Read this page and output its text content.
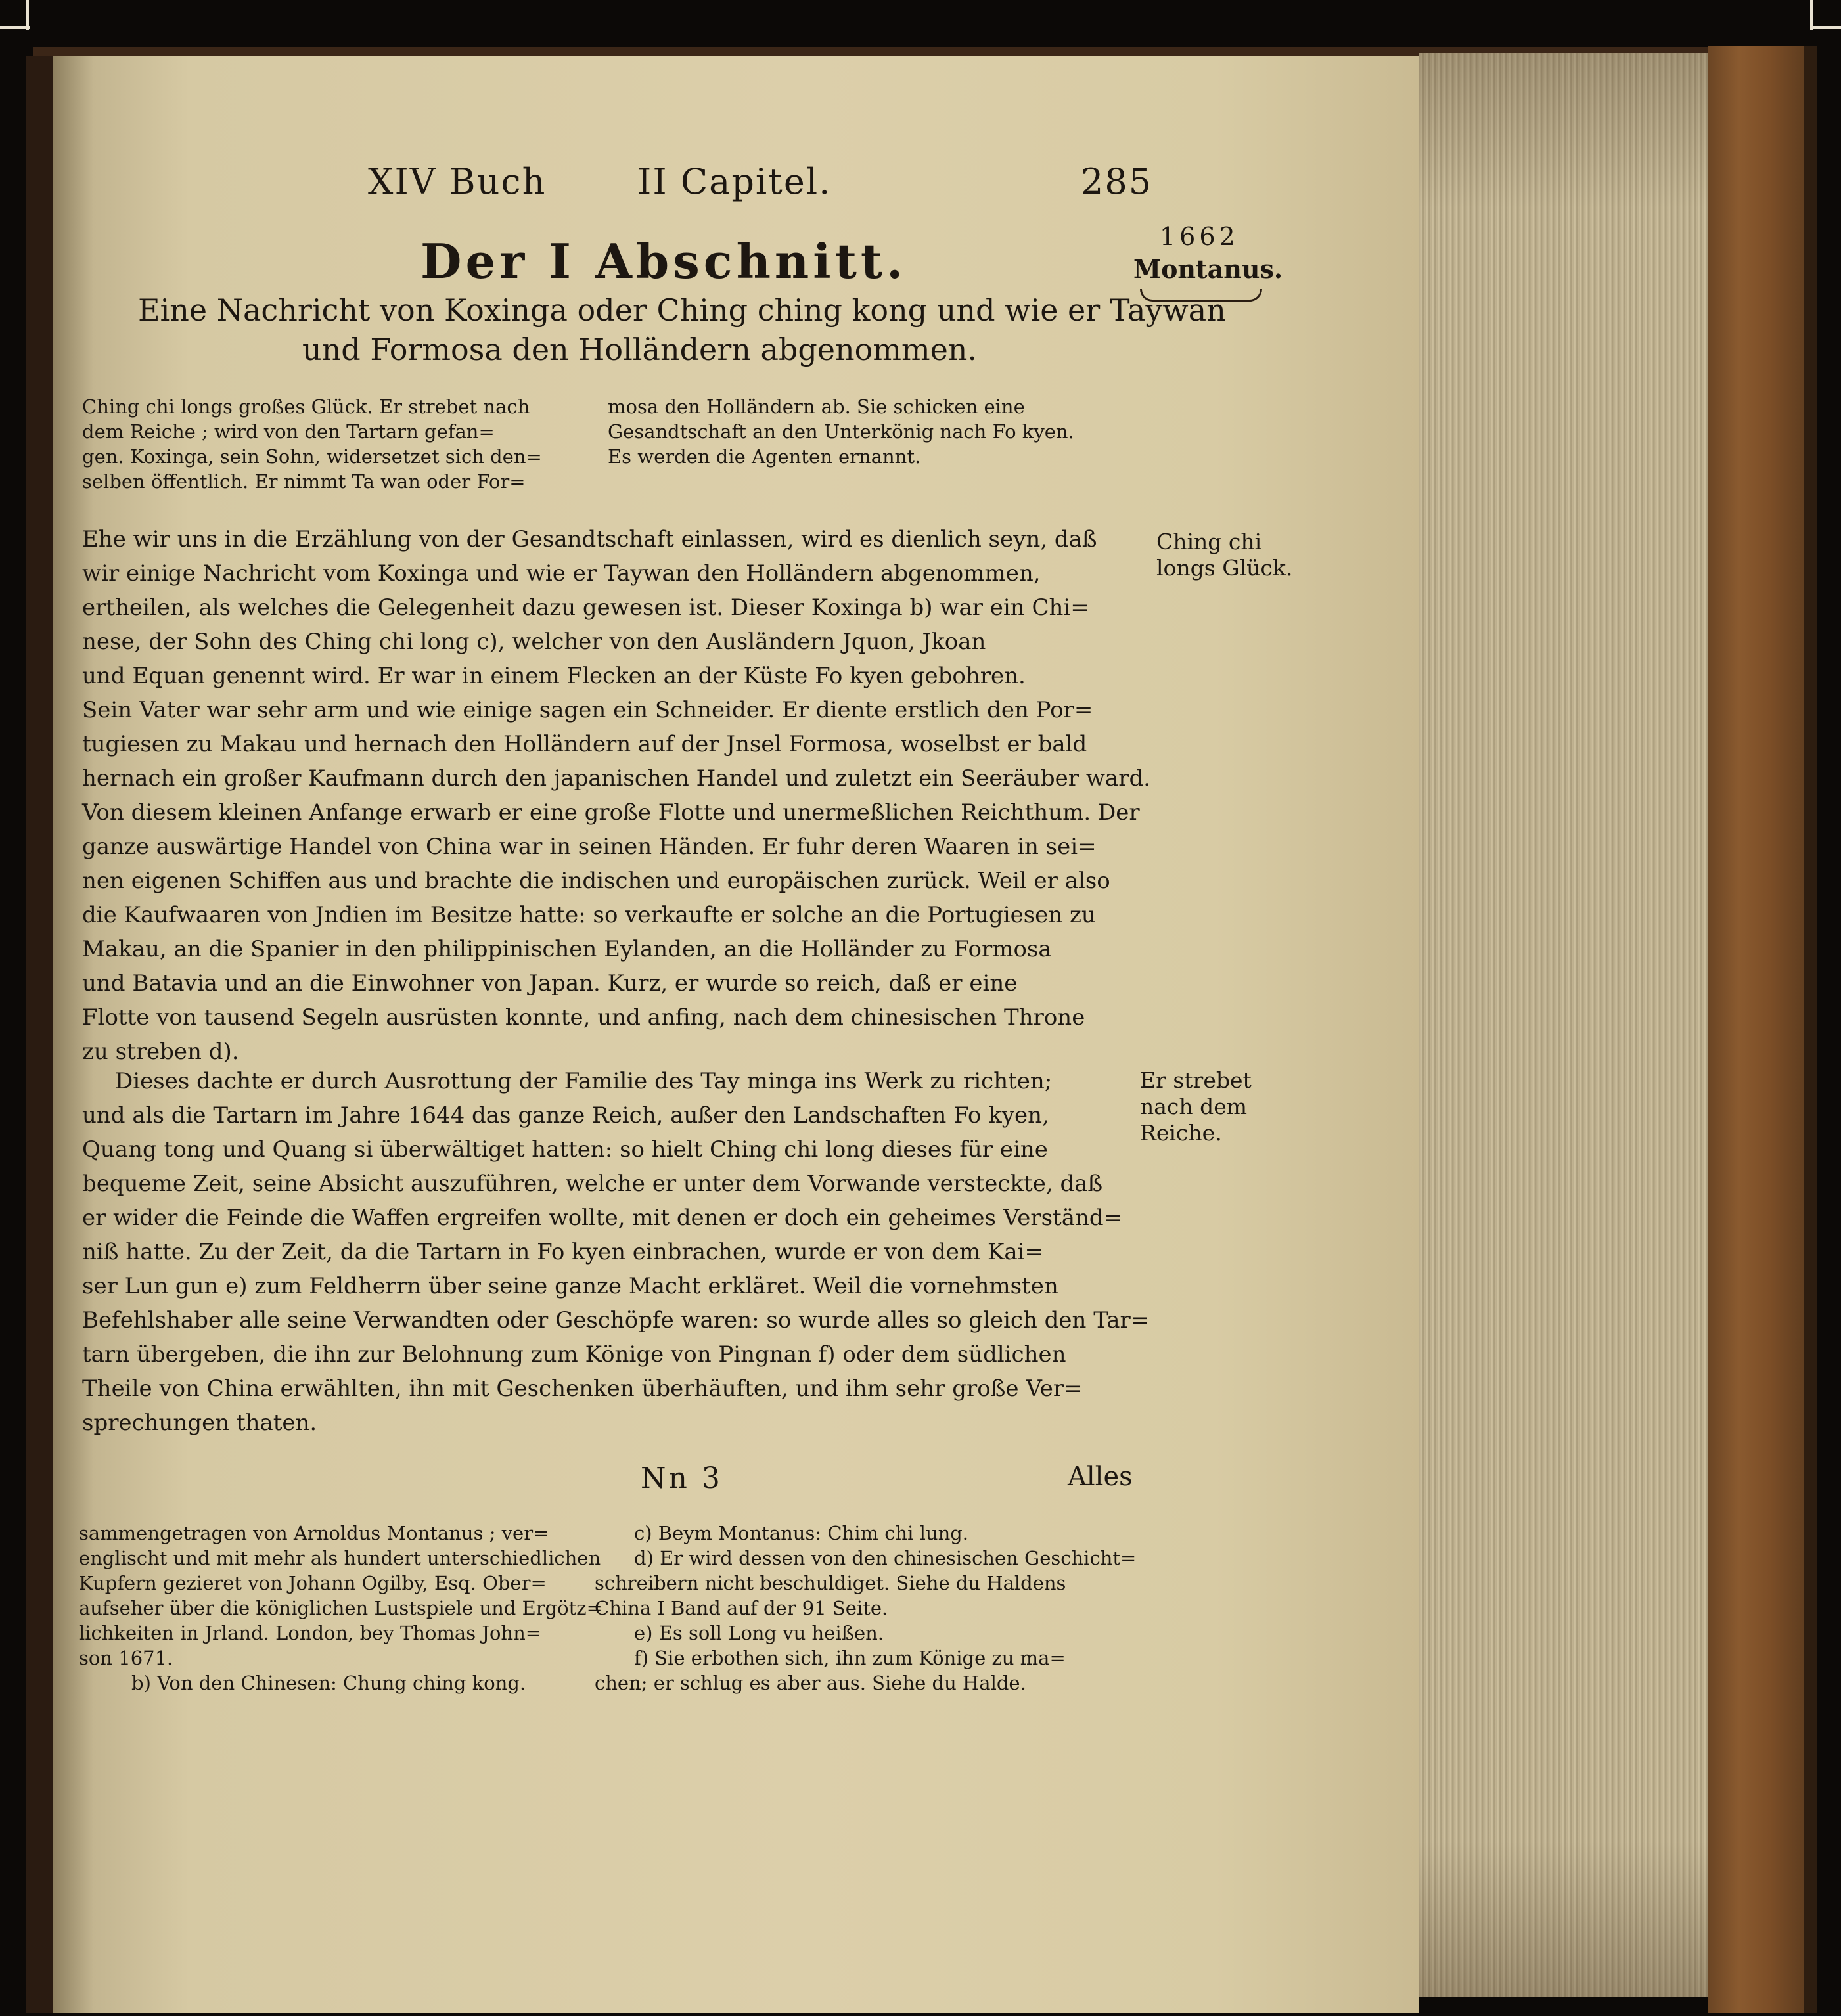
XIV Buch	II Capitel.	285
1662
Montanus.
Der I Abschnitt.
Eine Nachricht von Koxinga oder Ching ching kong und wie er Taywan
und Formosa den Holländern abgenommen.
Ching chi longs großes Glück. Er strebet nach
dem Reiche ; wird von den Tartarn gefan=
gen. Koxinga, sein Sohn, widersetzet sich den=
selben öffentlich. Er nimmt Ta wan oder For=
mosa den Holländern ab. Sie schicken eine
Gesandtschaft an den Unterkönig nach Fo kyen.
Es werden die Agenten ernannt.
Ehe wir uns in die Erzählung von der Gesandtschaft einlassen, wird es dienlich seyn, daß
wir einige Nachricht vom Koxinga und wie er Taywan den Holländern abgenommen,
ertheilen, als welches die Gelegenheit dazu gewesen ist. Dieser Koxinga b) war ein Chi=
nese, der Sohn des Ching chi long c), welcher von den Ausländern Jquon, Jkoan
und Equan genennt wird. Er war in einem Flecken an der Küste Fo kyen gebohren.
Sein Vater war sehr arm und wie einige sagen ein Schneider. Er diente erstlich den Por=
tugiesen zu Makau und hernach den Holländern auf der Jnsel Formosa, woselbst er bald
hernach ein großer Kaufmann durch den japanischen Handel und zuletzt ein Seeräuber ward.
Von diesem kleinen Anfange erwarb er eine große Flotte und unermeßlichen Reichthum. Der
ganze auswärtige Handel von China war in seinen Händen. Er fuhr deren Waaren in sei=
nen eigenen Schiffen aus und brachte die indischen und europäischen zurück. Weil er also
die Kaufwaaren von Jndien im Besitze hatte: so verkaufte er solche an die Portugiesen zu
Makau, an die Spanier in den philippinischen Eylanden, an die Holländer zu Formosa
und Batavia und an die Einwohner von Japan. Kurz, er wurde so reich, daß er eine
Flotte von tausend Segeln ausrüsten konnte, und anfing, nach dem chinesischen Throne
zu streben d).
Dieses dachte er durch Ausrottung der Familie des Tay minga ins Werk zu richten;
und als die Tartarn im Jahre 1644 das ganze Reich, außer den Landschaften Fo kyen,
Quang tong und Quang si überwältiget hatten: so hielt Ching chi long dieses für eine
bequeme Zeit, seine Absicht auszuführen, welche er unter dem Vorwande versteckte, daß
er wider die Feinde die Waffen ergreifen wollte, mit denen er doch ein geheimes Verständ=
niß hatte. Zu der Zeit, da die Tartarn in Fo kyen einbrachen, wurde er von dem Kai=
ser Lun gun e) zum Feldherrn über seine ganze Macht erkläret. Weil die vornehmsten
Befehlshaber alle seine Verwandten oder Geschöpfe waren: so wurde alles so gleich den Tar=
tarn übergeben, die ihn zur Belohnung zum Könige von Pingnan f) oder dem südlichen
Theile von China erwählten, ihn mit Geschenken überhäuften, und ihm sehr große Ver=
sprechungen thaten.
Ching chi
longs Glück.
Er strebet
nach dem
Reiche.
Nn 3	Alles
sammengetragen von Arnoldus Montanus ; ver=
englischt und mit mehr als hundert unterschiedlichen
Kupfern gezieret von Johann Ogilby, Esq. Ober=
aufseher über die königlichen Lustspiele und Ergötz=
lichkeiten in Jrland. London, bey Thomas John=
son 1671.
b) Von den Chinesen: Chung ching kong.
c) Beym Montanus: Chim chi lung.
d) Er wird dessen von den chinesischen Geschicht=
schreibern nicht beschuldiget. Siehe du Haldens
China I Band auf der 91 Seite.
e) Es soll Long vu heißen.
f) Sie erbothen sich, ihn zum Könige zu ma=
chen; er schlug es aber aus. Siehe du Halde.
